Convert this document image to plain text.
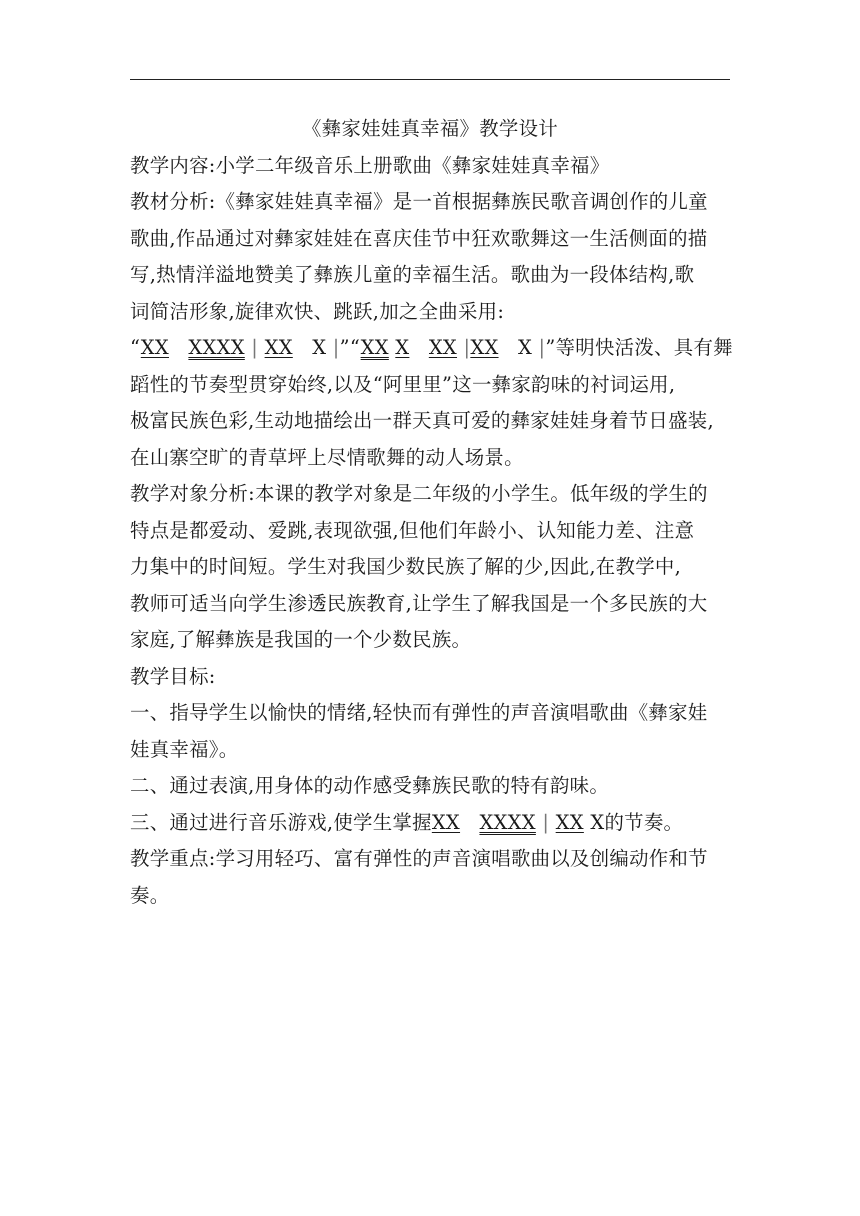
《彝家娃娃真幸福》教学设计

教学内容:小学二年级音乐上册歌曲《彝家娃娃真幸福》

教材分析:《彝家娃娃真幸福》是一首根据彝族民歌音调创作的儿童

歌曲,作品通过对彝家娃娃在喜庆佳节中狂欢歌舞这一生活侧面的描

写,热情洋溢地赞美了彝族儿童的幸福生活。歌曲为一段体结构,歌

词简洁形象,旋律欢快、跳跃,加之全曲采用:

“XX XXXX | XX X |”“XX X XX |XX X |”等明快活泼、具有舞

蹈性的节奏型贯穿始终,以及“阿里里”这一彝家韵味的衬词运用,

极富民族色彩,生动地描绘出一群天真可爱的彝家娃娃身着节日盛装,

在山寨空旷的青草坪上尽情歌舞的动人场景。

教学对象分析:本课的教学对象是二年级的小学生。低年级的学生的

特点是都爱动、爱跳,表现欲强,但他们年龄小、认知能力差、注意

力集中的时间短。学生对我国少数民族了解的少,因此,在教学中,

教师可适当向学生渗透民族教育,让学生了解我国是一个多民族的大

家庭,了解彝族是我国的一个少数民族。

教学目标:

一、指导学生以愉快的情绪,轻快而有弹性的声音演唱歌曲《彝家娃

娃真幸福》。

二、通过表演,用身体的动作感受彝族民歌的特有韵味。

三、通过进行音乐游戏,使学生掌握XX XXXX | XX X的节奏。

教学重点:学习用轻巧、富有弹性的声音演唱歌曲以及创编动作和节

奏。
